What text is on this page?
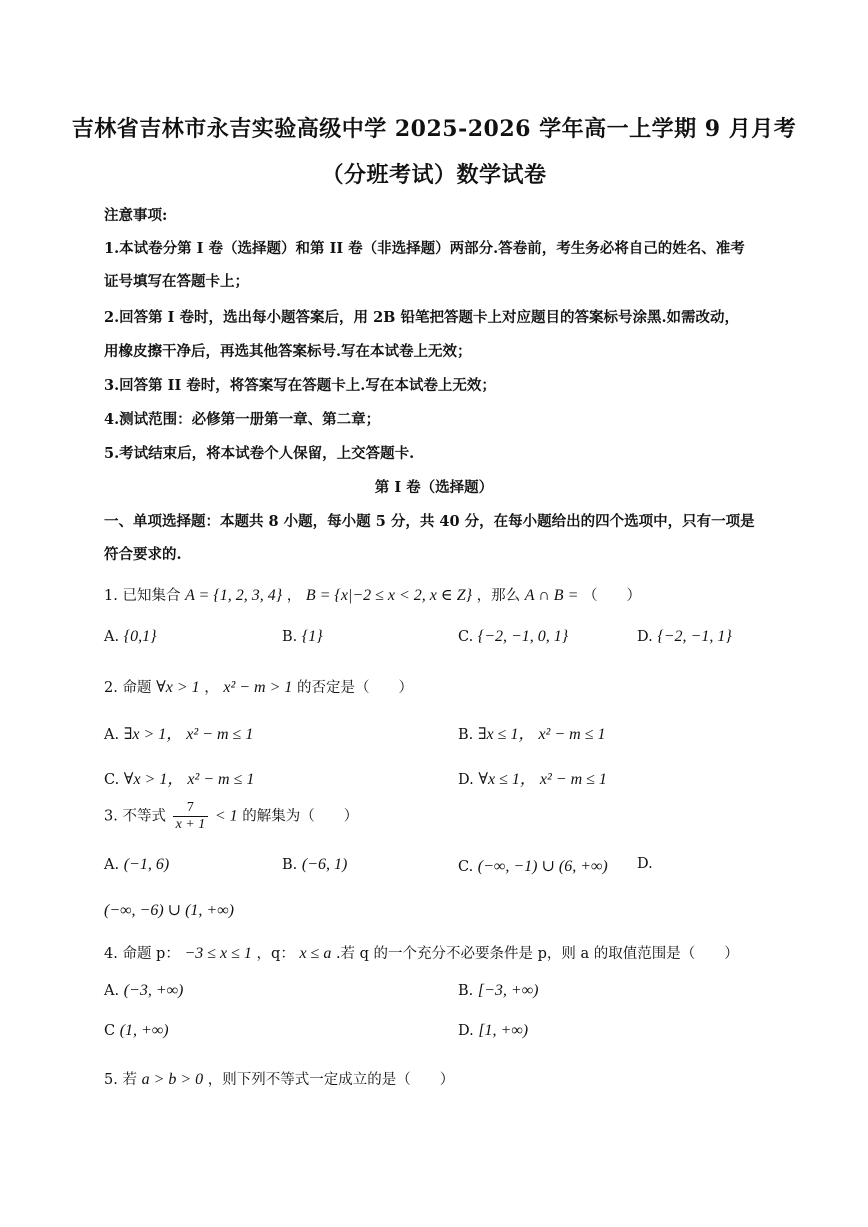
吉林省吉林市永吉实验高级中学 2025-2026 学年高一上学期 9 月月考
（分班考试）数学试卷
注意事项:
1.本试卷分第 I 卷（选择题）和第 II 卷（非选择题）两部分.答卷前，考生务必将自己的姓名、准考
证号填写在答题卡上；
2.回答第 I 卷时，选出每小题答案后，用 2B 铅笔把答题卡上对应题目的答案标号涂黑.如需改动，
用橡皮擦干净后，再选其他答案标号.写在本试卷上无效；
3.回答第 II 卷时，将答案写在答题卡上.写在本试卷上无效；
4.测试范围：必修第一册第一章、第二章；
5.考试结束后，将本试卷个人保留，上交答题卡.
第 I 卷（选择题）
一、单项选择题：本题共 8 小题，每小题 5 分，共 40 分，在每小题给出的四个选项中，只有一项是
符合要求的.
1. 已知集合 A = {1, 2, 3, 4} ， B = {x|−2 ≤ x < 2, x ∈ Z} ，那么 A ∩ B = （　　）
A. {0,1}	B. {1}	C. {−2, −1, 0, 1}	D. {−2, −1, 1}
2. 命题 ∀x > 1 ， x² − m > 1 的否定是（　　）
A. ∃x > 1， x² − m ≤ 1	B. ∃x ≤ 1， x² − m ≤ 1
C. ∀x > 1， x² − m ≤ 1	D. ∀x ≤ 1， x² − m ≤ 1
3. 不等式 $\frac{7}{x + 1} < 1$ 的解集为（　　）
A. (−1, 6)	B. (−6, 1)	C. (−∞, −1) ∪ (6, +∞) D.
(−∞, −6) ∪ (1, +∞)
4. 命题 p： −3 ≤ x ≤ 1 ，q： x ≤ a .若 q 的一个充分不必要条件是 p，则 a 的取值范围是（　　）
A. (−3, +∞)	B. [−3, +∞)
C (1, +∞)	D. [1, +∞)
5. 若 a > b > 0 ，则下列不等式一定成立的是（　　）
